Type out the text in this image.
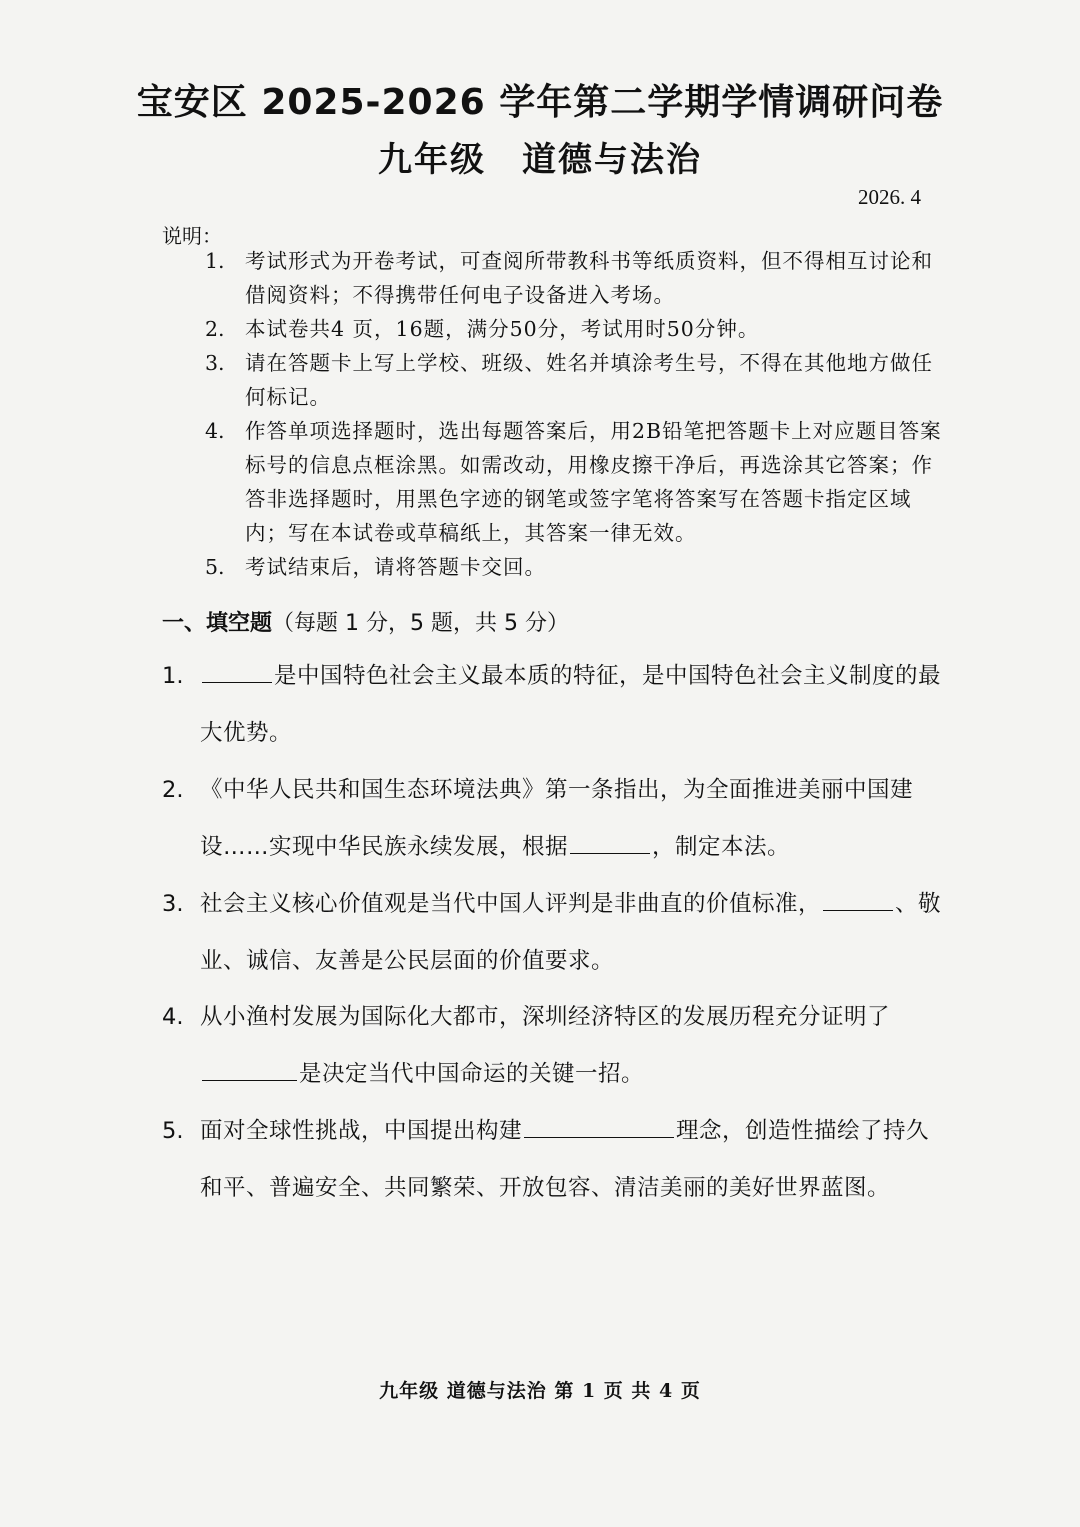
宝安区 2025-2026 学年第二学期学情调研问卷
九年级 道德与法治
2026. 4
说明：
1. 考试形式为开卷考试，可查阅所带教科书等纸质资料，但不得相互讨论和借阅资料；不得携带任何电子设备进入考场。
2. 本试卷共4 页，16题，满分50分，考试用时50分钟。
3. 请在答题卡上写上学校、班级、姓名并填涂考生号，不得在其他地方做任何标记。
4. 作答单项选择题时，选出每题答案后，用2B铅笔把答题卡上对应题目答案标号的信息点框涂黑。如需改动，用橡皮擦干净后，再选涂其它答案；作答非选择题时，用黑色字迹的钢笔或签字笔将答案写在答题卡指定区域内；写在本试卷或草稿纸上，其答案一律无效。
5. 考试结束后，请将答题卡交回。
一、填空题（每题 1 分，5 题，共 5 分）
1.	是中国特色社会主义最本质的特征，是中国特色社会主义制度的最大优势。
2. 《中华人民共和国生态环境法典》第一条指出，为全面推进美丽中国建设……实现中华民族永续发展，根据	，制定本法。
3. 社会主义核心价值观是当代中国人评判是非曲直的价值标准，	、敬业、诚信、友善是公民层面的价值要求。
4. 从小渔村发展为国际化大都市，深圳经济特区的发展历程充分证明了是决定当代中国命运的关键一招。
5. 面对全球性挑战，中国提出构建	理念，创造性描绘了持久和平、普遍安全、共同繁荣、开放包容、清洁美丽的美好世界蓝图。
九年级 道德与法治 第 1 页 共 4 页
